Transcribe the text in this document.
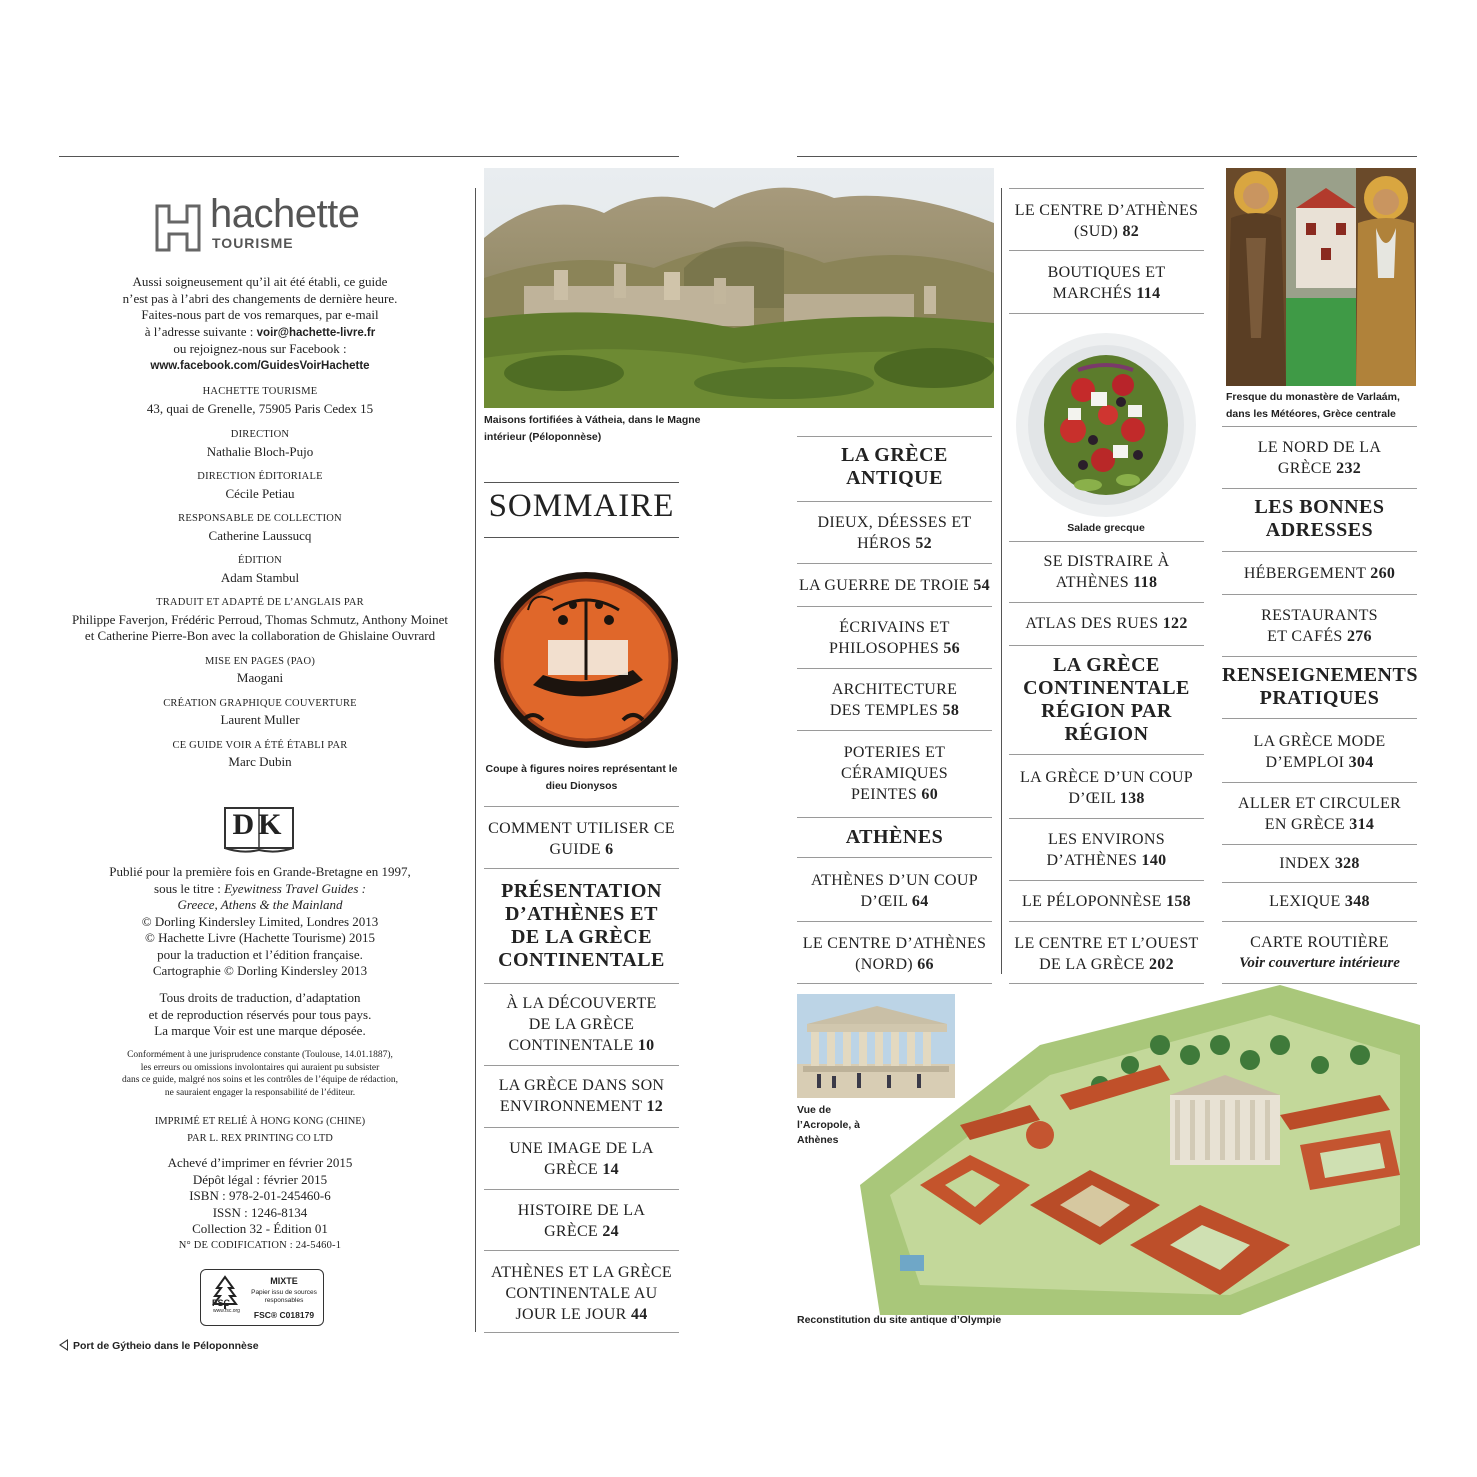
hachette
TOURISME
Aussi soigneusement qu’il ait été établi, ce guide
n’est pas à l’abri des changements de dernière heure.
Faites-nous part de vos remarques, par e-mail
à l’adresse suivante : voir@hachette-livre.fr
ou rejoignez-nous sur Facebook :
www.facebook.com/GuidesVoirHachette
HACHETTE TOURISME
43, quai de Grenelle, 75905 Paris Cedex 15
DIRECTION
Nathalie Bloch-Pujo
DIRECTION ÉDITORIALE
Cécile Petiau
RESPONSABLE DE COLLECTION
Catherine Laussucq
ÉDITION
Adam Stambul
TRADUIT ET ADAPTÉ DE L’ANGLAIS PAR
Philippe Faverjon, Frédéric Perroud, Thomas Schmutz, Anthony Moinet et Catherine Pierre-Bon avec la collaboration de Ghislaine Ouvrard
MISE EN PAGES (PAO)
Maogani
CRÉATION GRAPHIQUE COUVERTURE
Laurent Muller
CE GUIDE VOIR A ÉTÉ ÉTABLI PAR
Marc Dubin
DK
Publié pour la première fois en Grande-Bretagne en 1997,
sous le titre : Eyewitness Travel Guides :
Greece, Athens & the Mainland
© Dorling Kindersley Limited, Londres 2013
© Hachette Livre (Hachette Tourisme) 2015
pour la traduction et l’édition française.
Cartographie © Dorling Kindersley 2013
Tous droits de traduction, d’adaptation
et de reproduction réservés pour tous pays.
La marque Voir est une marque déposée.
Conformément à une jurisprudence constante (Toulouse, 14.01.1887),
les erreurs ou omissions involontaires qui auraient pu subsister
dans ce guide, malgré nos soins et les contrôles de l’équipe de rédaction,
ne sauraient engager la responsabilité de l’éditeur.
IMPRIMÉ ET RELIÉ À HONG KONG (CHINE)
PAR L. REX PRINTING CO LTD
Achevé d’imprimer en février 2015
Dépôt légal : février 2015
ISBN : 978-2-01-245460-6
ISSN : 1246-8134
Collection 32 - Édition 01
N° DE CODIFICATION : 24-5460-1
FSC
www.fsc.org
MIXTE
Papier issu de sources responsables
FSC® C018179
Port de Gýtheio dans le Péloponnèse
Maisons fortifiées à Vátheia, dans le Magne intérieur (Péloponnèse)
Coupe à figures noires représentant le dieu Dionysos
Salade grecque
Fresque du monastère de Varlaám, dans les Météores, Grèce centrale
Vue de l’Acropole, à Athènes
Reconstitution du site antique d’Olympie
SOMMAIRE
COMMENT UTILISER CE GUIDE 6
PRÉSENTATION D’ATHÈNES ET DE LA GRÈCE CONTINENTALE
À LA DÉCOUVERTE DE LA GRÈCE CONTINENTALE 10
LA GRÈCE DANS SON ENVIRONNEMENT 12
UNE IMAGE DE LA GRÈCE 14
HISTOIRE DE LA GRÈCE 24
ATHÈNES ET LA GRÈCE CONTINENTALE AU JOUR LE JOUR 44
LA GRÈCE ANTIQUE
DIEUX, DÉESSES ET HÉROS 52
LA GUERRE DE TROIE 54
ÉCRIVAINS ET PHILOSOPHES 56
ARCHITECTURE DES TEMPLES 58
POTERIES ET CÉRAMIQUES PEINTES 60
ATHÈNES
ATHÈNES D’UN COUP D’ŒIL 64
LE CENTRE D’ATHÈNES (NORD) 66
LE CENTRE D’ATHÈNES (SUD) 82
BOUTIQUES ET MARCHÉS 114
SE DISTRAIRE À ATHÈNES 118
ATLAS DES RUES 122
LA GRÈCE CONTINENTALE RÉGION PAR RÉGION
LA GRÈCE D’UN COUP D’ŒIL 138
LES ENVIRONS D’ATHÈNES 140
LE PÉLOPONNÈSE 158
LE CENTRE ET L’OUEST DE LA GRÈCE 202
LE NORD DE LA GRÈCE 232
LES BONNES ADRESSES
HÉBERGEMENT 260
RESTAURANTS ET CAFÉS 276
RENSEIGNEMENTS PRATIQUES
LA GRÈCE MODE D’EMPLOI 304
ALLER ET CIRCULER EN GRÈCE 314
INDEX 328
LEXIQUE 348
CARTE ROUTIÈRE
Voir couverture intérieure
